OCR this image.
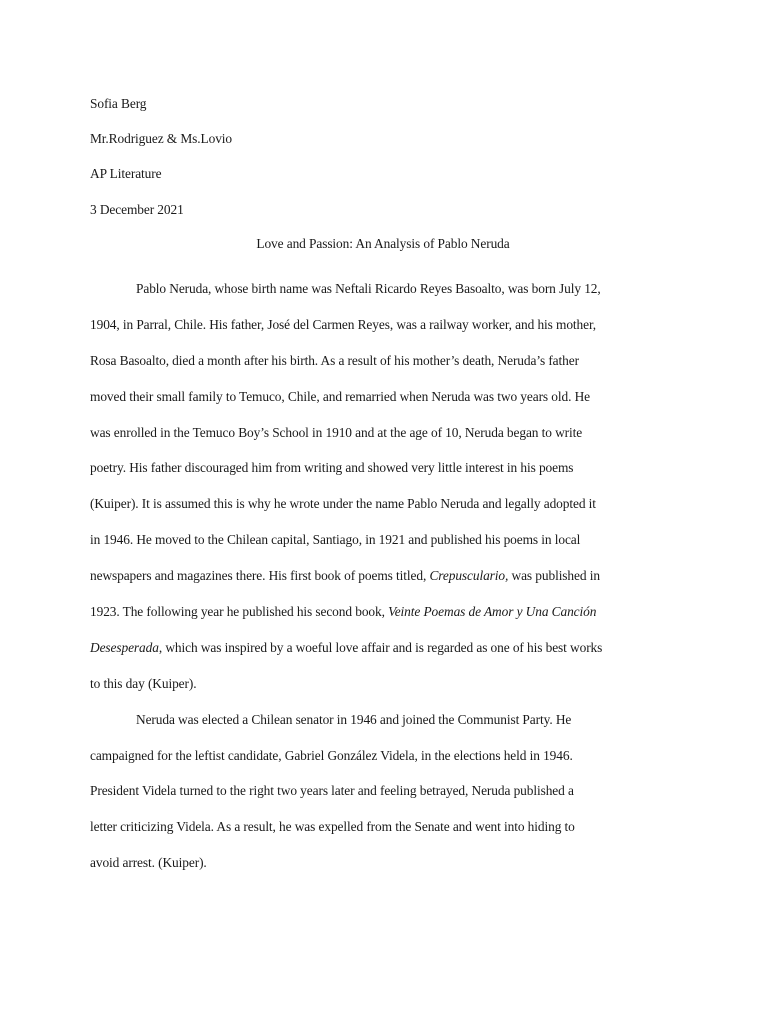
Sofia Berg

Mr.Rodriguez & Ms.Lovio

AP Literature

3 December 2021

Love and Passion: An Analysis of Pablo Neruda

Pablo Neruda, whose birth name was Neftali Ricardo Reyes Basoalto, was born July 12,
1904, in Parral, Chile. His father, José del Carmen Reyes, was a railway worker, and his mother,
Rosa Basoalto, died a month after his birth. As a result of his mother’s death, Neruda’s father
moved their small family to Temuco, Chile, and remarried when Neruda was two years old. He
was enrolled in the Temuco Boy’s School in 1910 and at the age of 10, Neruda began to write
poetry. His father discouraged him from writing and showed very little interest in his poems
(Kuiper). It is assumed this is why he wrote under the name Pablo Neruda and legally adopted it
in 1946. He moved to the Chilean capital, Santiago, in 1921 and published his poems in local
newspapers and magazines there. His first book of poems titled, Crepusculario, was published in
1923. The following year he published his second book, Veinte Poemas de Amor y Una Canción
Desesperada, which was inspired by a woeful love affair and is regarded as one of his best works
to this day (Kuiper).

Neruda was elected a Chilean senator in 1946 and joined the Communist Party. He
campaigned for the leftist candidate, Gabriel González Videla, in the elections held in 1946.
President Videla turned to the right two years later and feeling betrayed, Neruda published a
letter criticizing Videla. As a result, he was expelled from the Senate and went into hiding to
avoid arrest. (Kuiper).
